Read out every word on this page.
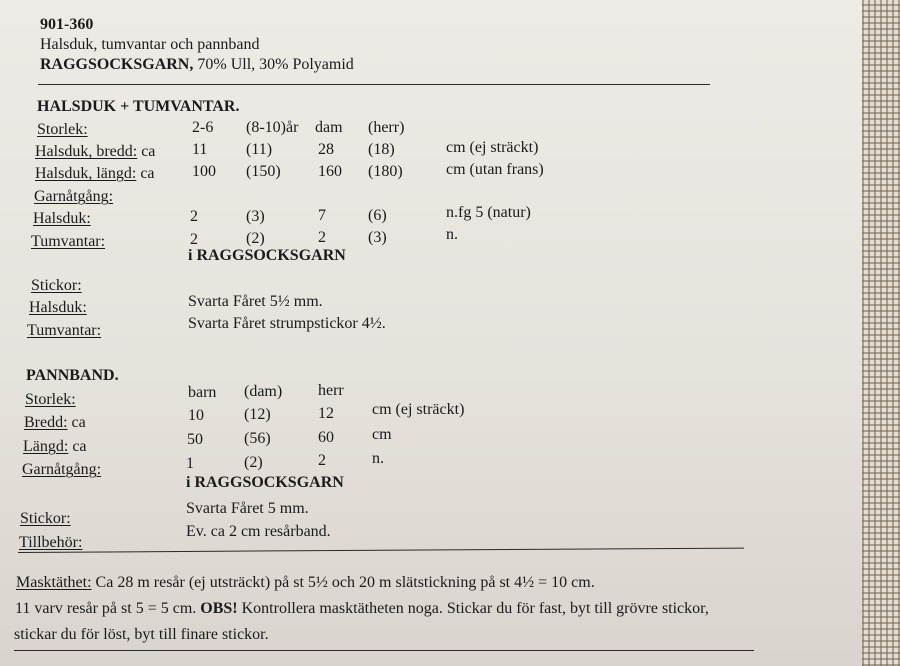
901-360
Halsduk, tumvantar och pannband
RAGGSOCKSGARN, 70% Ull, 30% Polyamid
HALSDUK + TUMVANTAR.
Storlek:	2-6 (8-10)år dam (herr)
Halsduk, bredd: ca 11 (11)	28 (18)	cm (ej sträckt)
Halsduk, längd: ca 100 (150) 160 (180)	cm (utan frans)
Garnåtgång:
Halsduk:	2	(3)	7	(6)	n.fg 5 (natur)
Tumvantar:	2	(2)	2	(3)	n.
i RAGGSOCKSGARN
Stickor:
Halsduk:	Svarta Fåret 5½ mm.
Tumvantar:	Svarta Fåret strumpstickor 4½.
PANNBAND.
Storlek:	barn (dam) herr
Bredd: ca	10	(12)	12 cm (ej sträckt)
Längd: ca	50	(56)	60 cm
Garnåtgång:	1	(2)	2	n.
i RAGGSOCKSGARN
Stickor:
Svarta Fåret 5 mm.
Tillbehör:
Ev. ca 2 cm resårband.
Masktäthet: Ca 28 m resår (ej utsträckt) på st 5½ och 20 m slätstickning på st 4½ = 10 cm.
11 varv resår på st 5 = 5 cm. OBS! Kontrollera masktätheten noga. Stickar du för fast, byt till grövre stickor,
stickar du för löst, byt till finare stickor.
